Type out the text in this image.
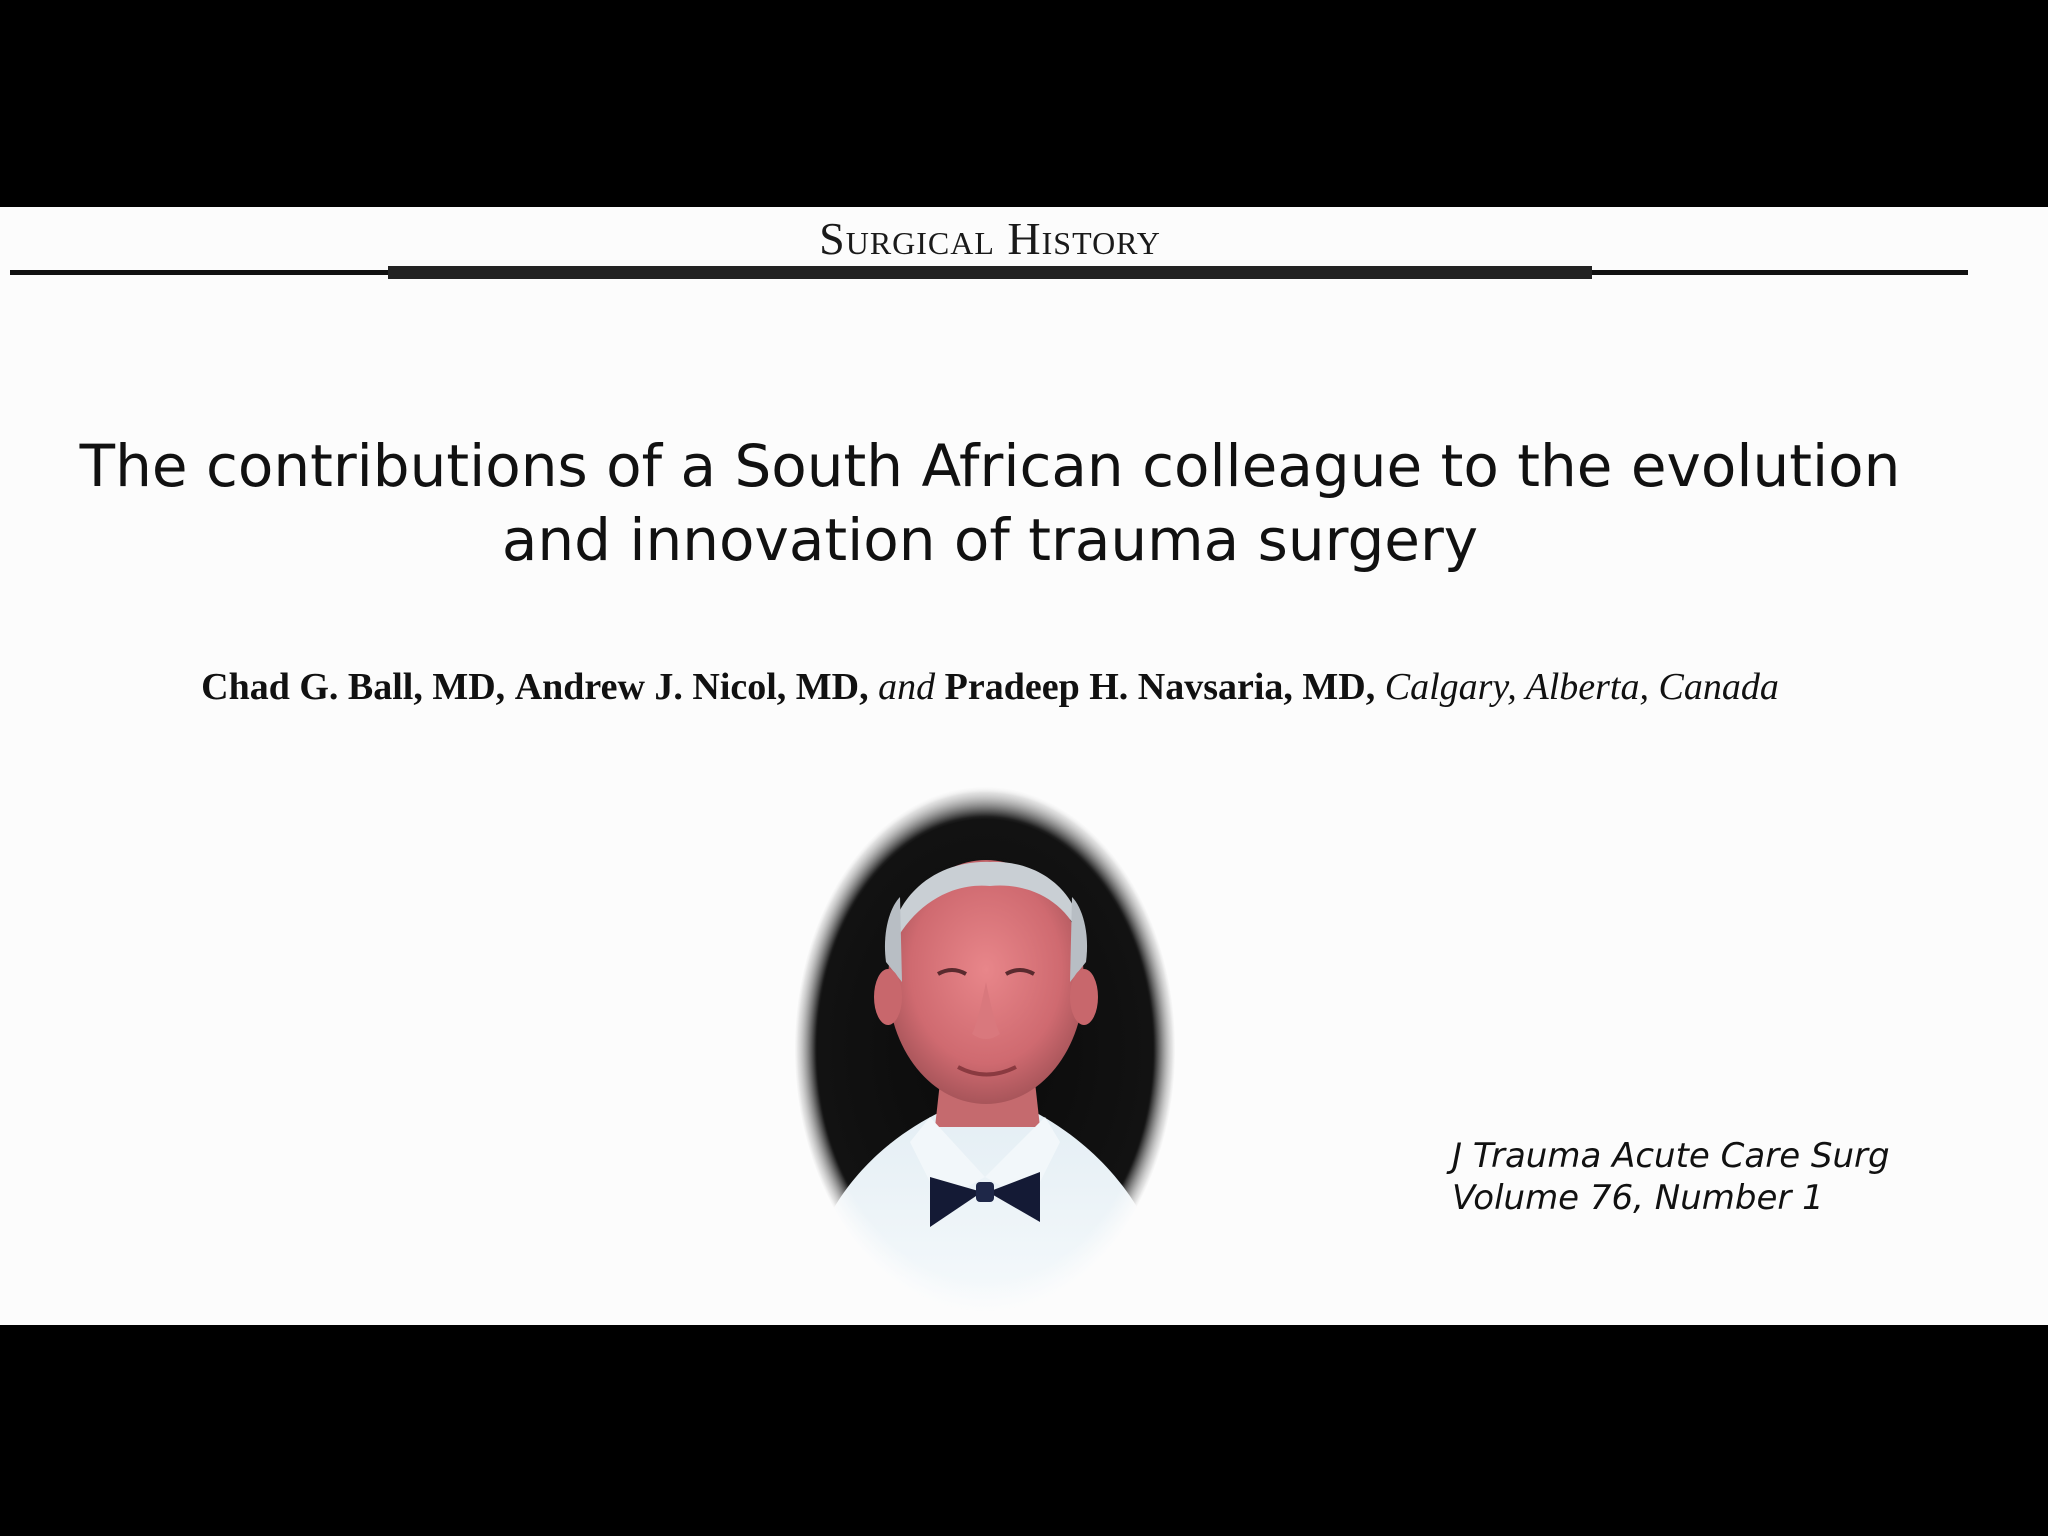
Surgical History
The contributions of a South African colleague to the evolution
and innovation of trauma surgery
Chad G. Ball, MD, Andrew J. Nicol, MD, and Pradeep H. Navsaria, MD, Calgary, Alberta, Canada
J Trauma Acute Care Surg
Volume 76, Number 1
